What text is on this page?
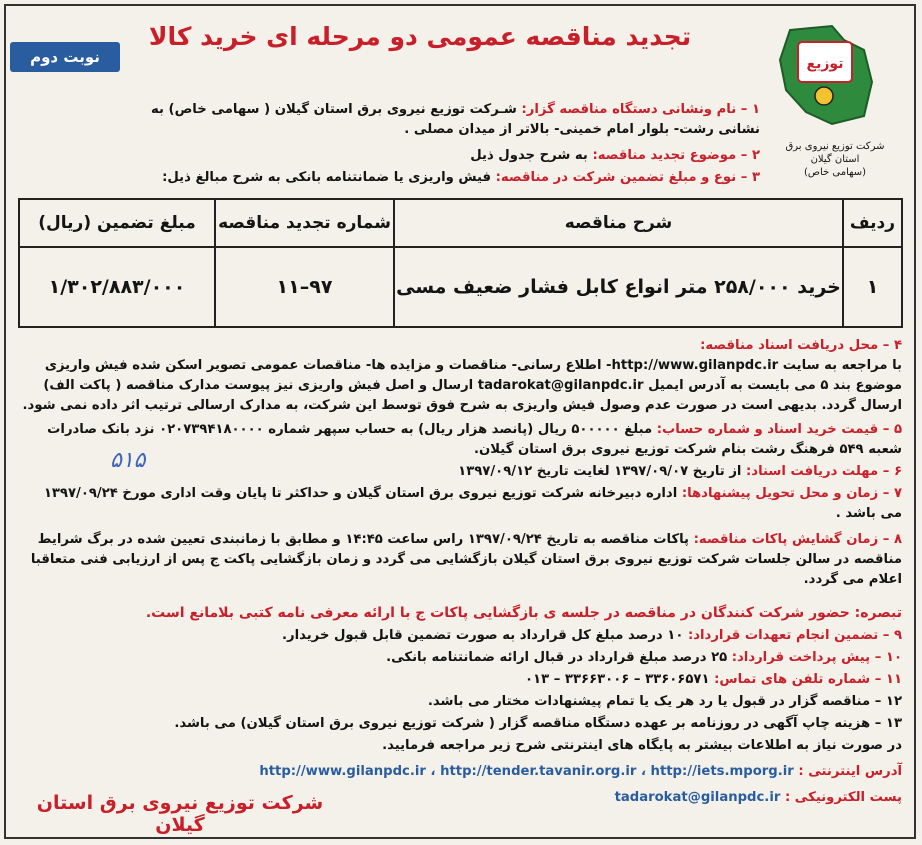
تجدید مناقصه عمومی دو مرحله ای خرید کالا
نوبت دوم	توزیع
شرکت توزیع نیروی برق
استان گیلان
(سهامی خاص)
۱ – نام ونشانی دستگاه مناقصه گزار: شـرکت توزیع نیروی برق استان گیلان ( سهامی خاص) به نشانی رشت- بلوار امام خمینی- بالاتر از میدان مصلی .
۲ – موضوع تجدید مناقصه: به شرح جدول ذیل
۳ – نوع و مبلغ تضمین شرکت در مناقصه: فیش واریزی یا ضمانتنامه بانکی به شرح مبالغ ذیل:
ردیف	شرح مناقصه	شماره تجدید مناقصه	مبلغ تضمین (ریال)
۱	خرید ۲۵۸/۰۰۰ متر انواع کابل فشار ضعیف مسی	۹۷–۱۱	۱/۳۰۲/۸۸۳/۰۰۰
۴ – محل دریافت اسناد مناقصه:
با مراجعه به سایت http://www.gilanpdc.ir- اطلاع رسانی- مناقصات و مزایده ها- مناقصات عمومی تصویر اسکن شده فیش واریزی موضوع بند ۵ می بایست به آدرس ایمیل tadarokat@gilanpdc.ir ارسال و اصل فیش واریزی نیز پیوست مدارک مناقصه ( پاکت الف) ارسال گردد. بدیهی است در صورت عدم وصول فیش واریزی به شرح فوق توسط این شرکت، به مدارک ارسالی ترتیب اثر داده نمی شود.
۵ – قیمت خرید اسناد و شماره حساب: مبلغ ۵۰۰۰۰۰ ریال (پانصد هزار ریال) به حساب سپهر شماره ۰۲۰۷۳۹۴۱۸۰۰۰۰ نزد بانک صادرات شعبه ۵۴۹ فرهنگ رشت بنام شرکت توزیع نیروی برق استان گیلان.
۶ – مهلت دریافت اسناد: از تاریخ ۱۳۹۷/۰۹/۰۷ لغایت تاریخ ۱۳۹۷/۰۹/۱۲
۷ – زمان و محل تحویل پیشنهادها: اداره دبیرخانه شرکت توزیع نیروی برق استان گیلان و حداکثر تا پایان وقت اداری مورخ ۱۳۹۷/۰۹/۲۴ می باشد .
۸ – زمان گشایش پاکات مناقصه: پاکات مناقصه به تاریخ ۱۳۹۷/۰۹/۲۴ راس ساعت ۱۴:۴۵ و مطابق با زمانبندی تعیین شده در برگ شرایط مناقصه در سالن جلسات شرکت توزیع نیروی برق استان گیلان بازگشایی می گردد و زمان بازگشایی پاکت ج پس از ارزیابی فنی متعاقبا اعلام می گردد.
تبصره: حضور شرکت کنندگان در مناقصه در جلسه ی بازگشایی پاکات ج با ارائه معرفی نامه کتبی بلامانع است.
۹ – تضمین انجام تعهدات قرارداد: ۱۰ درصد مبلغ کل قرارداد به صورت تضمین قابل قبول خریدار.
۱۰ – پیش پرداخت قرارداد: ۲۵ درصد مبلغ قرارداد در قبال ارائه ضمانتنامه بانکی.
۱۱ – شماره تلفن های تماس: ۳۳۶۰۶۵۷۱ – ۳۳۶۶۳۰۰۶ – ۰۱۳
۱۲ – مناقصه گزار در قبول یا رد هر یک یا تمام پیشنهادات مختار می باشد.
۱۳ – هزینه چاپ آگهی در روزنامه بر عهده دستگاه مناقصه گزار ( شرکت توزیع نیروی برق استان گیلان) می باشد.
در صورت نیاز به اطلاعات بیشتر به پایگاه های اینترنتی شرح زیر مراجعه فرمایید.
آدرس اینترنتی : http://www.gilanpdc.ir ، http://tender.tavanir.org.ir ، http://iets.mporg.ir
پست الکترونیکی : tadarokat@gilanpdc.ir
شرکت توزیع نیروی برق استان گیلان
۵۱۵
